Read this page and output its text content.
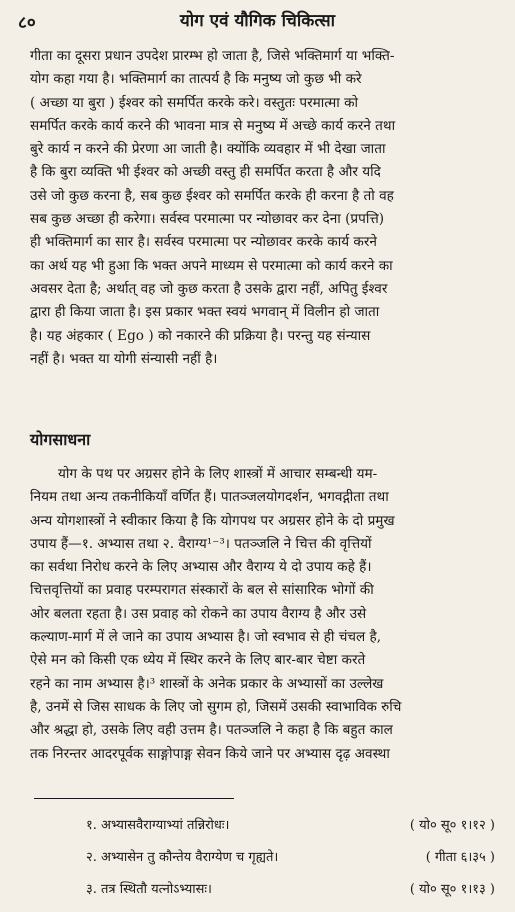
८०	योग एवं यौगिक चिकित्सा
गीता का दूसरा प्रधान उपदेश प्रारम्भ हो जाता है, जिसे भक्तिमार्ग या भक्ति-
योग कहा गया है। भक्तिमार्ग का तात्पर्य है कि मनुष्य जो कुछ भी करे
( अच्छा या बुरा ) ईश्वर को समर्पित करके करे। वस्तुतः परमात्मा को
समर्पित करके कार्य करने की भावना मात्र से मनुष्य में अच्छे कार्य करने तथा
बुरे कार्य न करने की प्रेरणा आ जाती है। क्योंकि व्यवहार में भी देखा जाता
है कि बुरा व्यक्ति भी ईश्वर को अच्छी वस्तु ही समर्पित करता है और यदि
उसे जो कुछ करना है, सब कुछ ईश्वर को समर्पित करके ही करना है तो वह
सब कुछ अच्छा ही करेगा। सर्वस्व परमात्मा पर न्योछावर कर देना (प्रपत्ति)
ही भक्तिमार्ग का सार है। सर्वस्व परमात्मा पर न्योछावर करके कार्य करने
का अर्थ यह भी हुआ कि भक्त अपने माध्यम से परमात्मा को कार्य करने का
अवसर देता है; अर्थात् वह जो कुछ करता है उसके द्वारा नहीं, अपितु ईश्वर
द्वारा ही किया जाता है। इस प्रकार भक्त स्वयं भगवान् में विलीन हो जाता
है। यह अंहकार ( Ego ) को नकारने की प्रक्रिया है। परन्तु यह संन्यास
नहीं है। भक्त या योगी संन्यासी नहीं है।
योगसाधना
योग के पथ पर अग्रसर होने के लिए शास्त्रों में आचार सम्बन्धी यम-
नियम तथा अन्य तकनीकियाँ वर्णित हैं। पातञ्जलयोगदर्शन, भगवद्गीता तथा
अन्य योगशास्त्रों ने स्वीकार किया है कि योगपथ पर अग्रसर होने के दो प्रमुख
उपाय हैं—१. अभ्यास तथा २. वैराग्य¹⁻³। पतञ्जलि ने चित्त की वृत्तियों
का सर्वथा निरोध करने के लिए अभ्यास और वैराग्य ये दो उपाय कहे हैं।
चित्तवृत्तियों का प्रवाह परम्परागत संस्कारों के बल से सांसारिक भोगों की
ओर बलता रहता है। उस प्रवाह को रोकने का उपाय वैराग्य है और उसे
कल्याण-मार्ग में ले जाने का उपाय अभ्यास है। जो स्वभाव से ही चंचल है,
ऐसे मन को किसी एक ध्येय में स्थिर करने के लिए बार-बार चेष्टा करते
रहने का नाम अभ्यास है।³ शास्त्रों के अनेक प्रकार के अभ्यासों का उल्लेख
है, उनमें से जिस साधक के लिए जो सुगम हो, जिसमें उसकी स्वाभाविक रुचि
और श्रद्धा हो, उसके लिए वही उत्तम है। पतञ्जलि ने कहा है कि बहुत काल
तक निरन्तर आदरपूर्वक साङ्गोपाङ्ग सेवन किये जाने पर अभ्यास दृढ़ अवस्था
१. अभ्यासवैराग्याभ्यां तन्निरोधः।	( यो० सू० १।१२ )
२. अभ्यासेन तु कौन्तेय वैराग्येण च गृह्यते।	( गीता ६।३५ )
३. तत्र स्थितौ यत्नोऽभ्यासः।	( यो० सू० १।१३ )
